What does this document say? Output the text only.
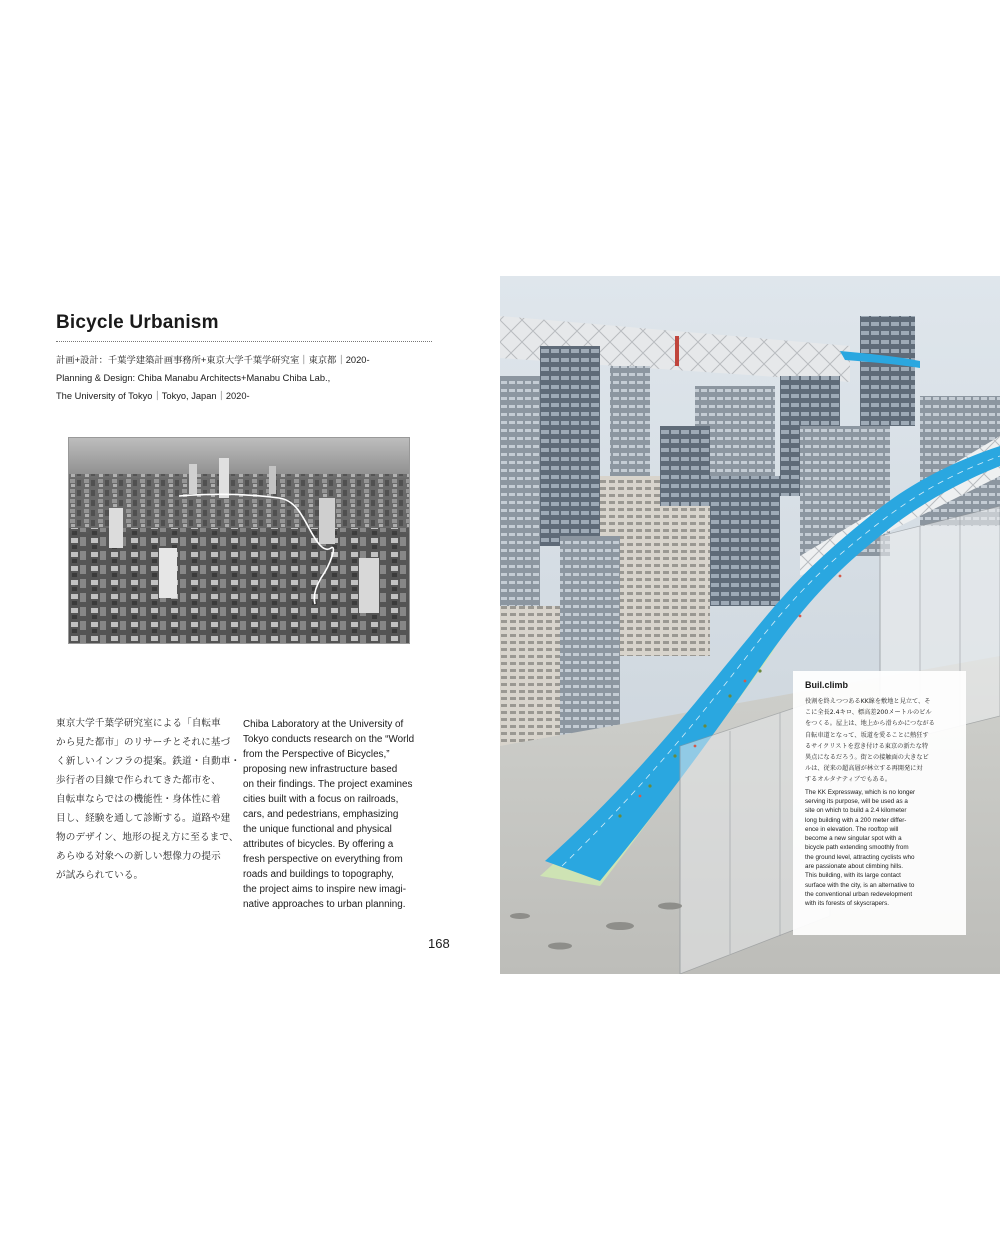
Bicycle Urbanism
計画+設計：千葉学建築計画事務所+東京大学千葉学研究室｜東京都｜2020-
Planning & Design: Chiba Manabu Architects+Manabu Chiba Lab.,
The University of Tokyo｜Tokyo, Japan｜2020-
東京大学千葉学研究室による「自転車
から見た都市」のリサーチとそれに基づ
く新しいインフラの提案。鉄道・自動車・
歩行者の目線で作られてきた都市を、
自転車ならではの機能性・身体性に着
目し、経験を通して診断する。道路や建
物のデザイン、地形の捉え方に至るまで、
あらゆる対象への新しい想像力の提示
が試みられている。
Chiba Laboratory at the University of
Tokyo conducts research on the “World
from the Perspective of Bicycles,”
proposing new infrastructure based
on their findings. The project examines
cities built with a focus on railroads,
cars, and pedestrians, emphasizing
the unique functional and physical
attributes of bicycles. By offering a
fresh perspective on everything from
roads and buildings to topography,
the project aims to inspire new imagi-
native approaches to urban planning.
168
Buil.climb
役割を終えつつあるKK線を敷地と見立て、そ
こに全長2.4キロ、標高差200メートルのビル
をつくる。屋上は、地上から滑らかにつながる
自転車道となって、坂道を愛ることに熱狂す
るサイクリストを惹き付ける東京の新たな特
異点になるだろう。街との接触面の大きなビ
ルは、従来の超高層が林立する再開発に対
するオルタナティブでもある。
The KK Expressway, which is no longer
serving its purpose, will be used as a
site on which to build a 2.4 kilometer
long building with a 200 meter differ-
ence in elevation. The rooftop will
become a new singular spot with a
bicycle path extending smoothly from
the ground level, attracting cyclists who
are passionate about climbing hills.
This building, with its large contact
surface with the city, is an alternative to
the conventional urban redevelopment
with its forests of skyscrapers.
